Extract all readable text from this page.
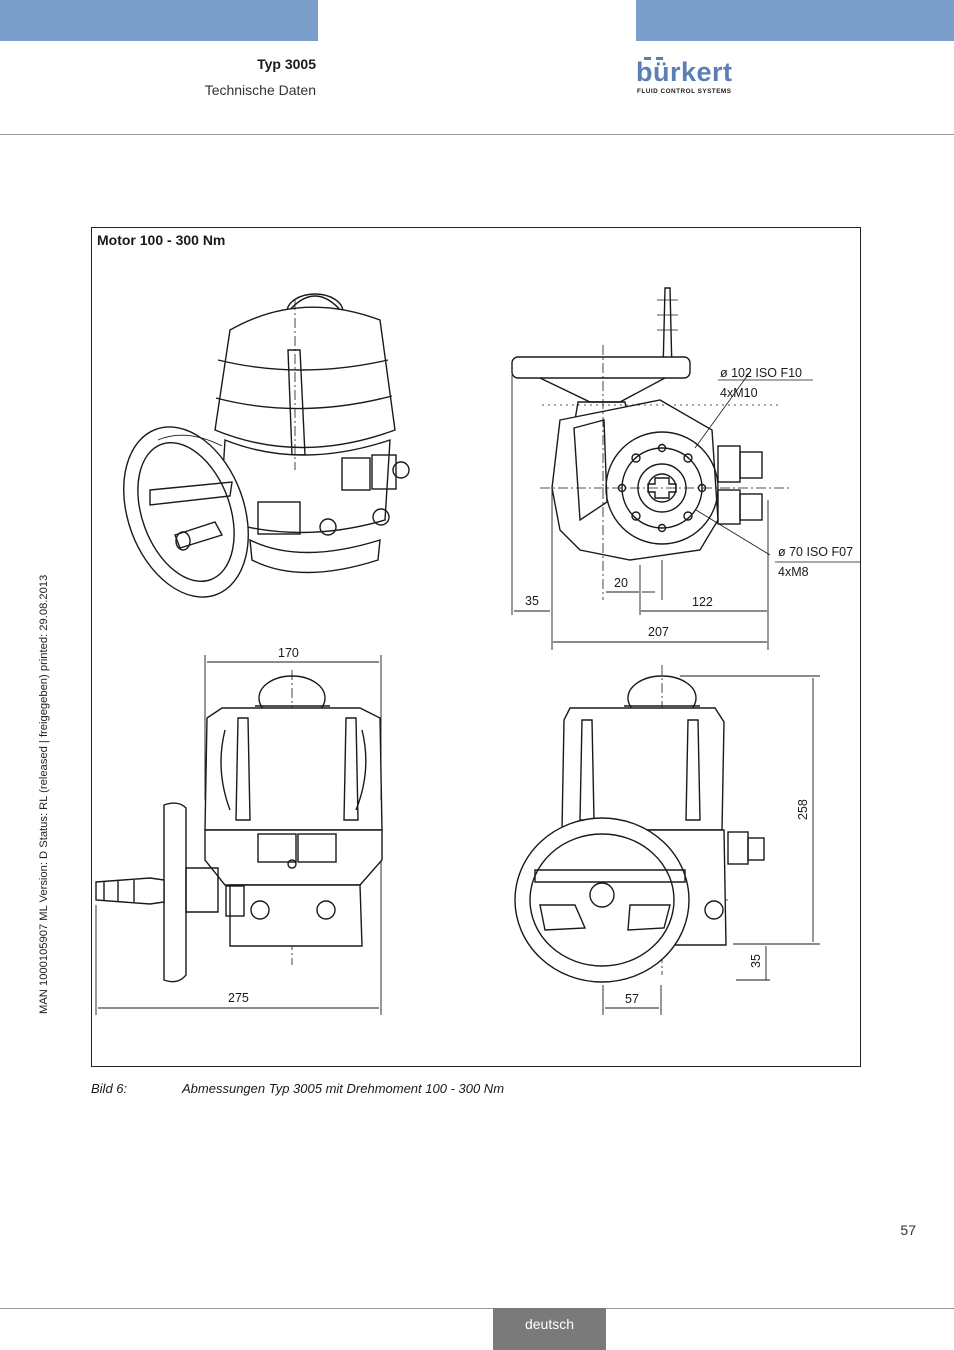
Typ 3005
Technische Daten
bürkert
FLUID CONTROL SYSTEMS
MAN 1000105907 ML Version: D Status: RL (released | freigegeben) printed: 29.08.2013
Motor 100 - 300 Nm
ø 102 ISO F10
4xM10
ø 70 ISO F07
4xM8
35
20
122
207
170
275
258
35
57
Bild 6:	Abmessungen Typ 3005 mit Drehmoment 100 - 300 Nm
57
deutsch
